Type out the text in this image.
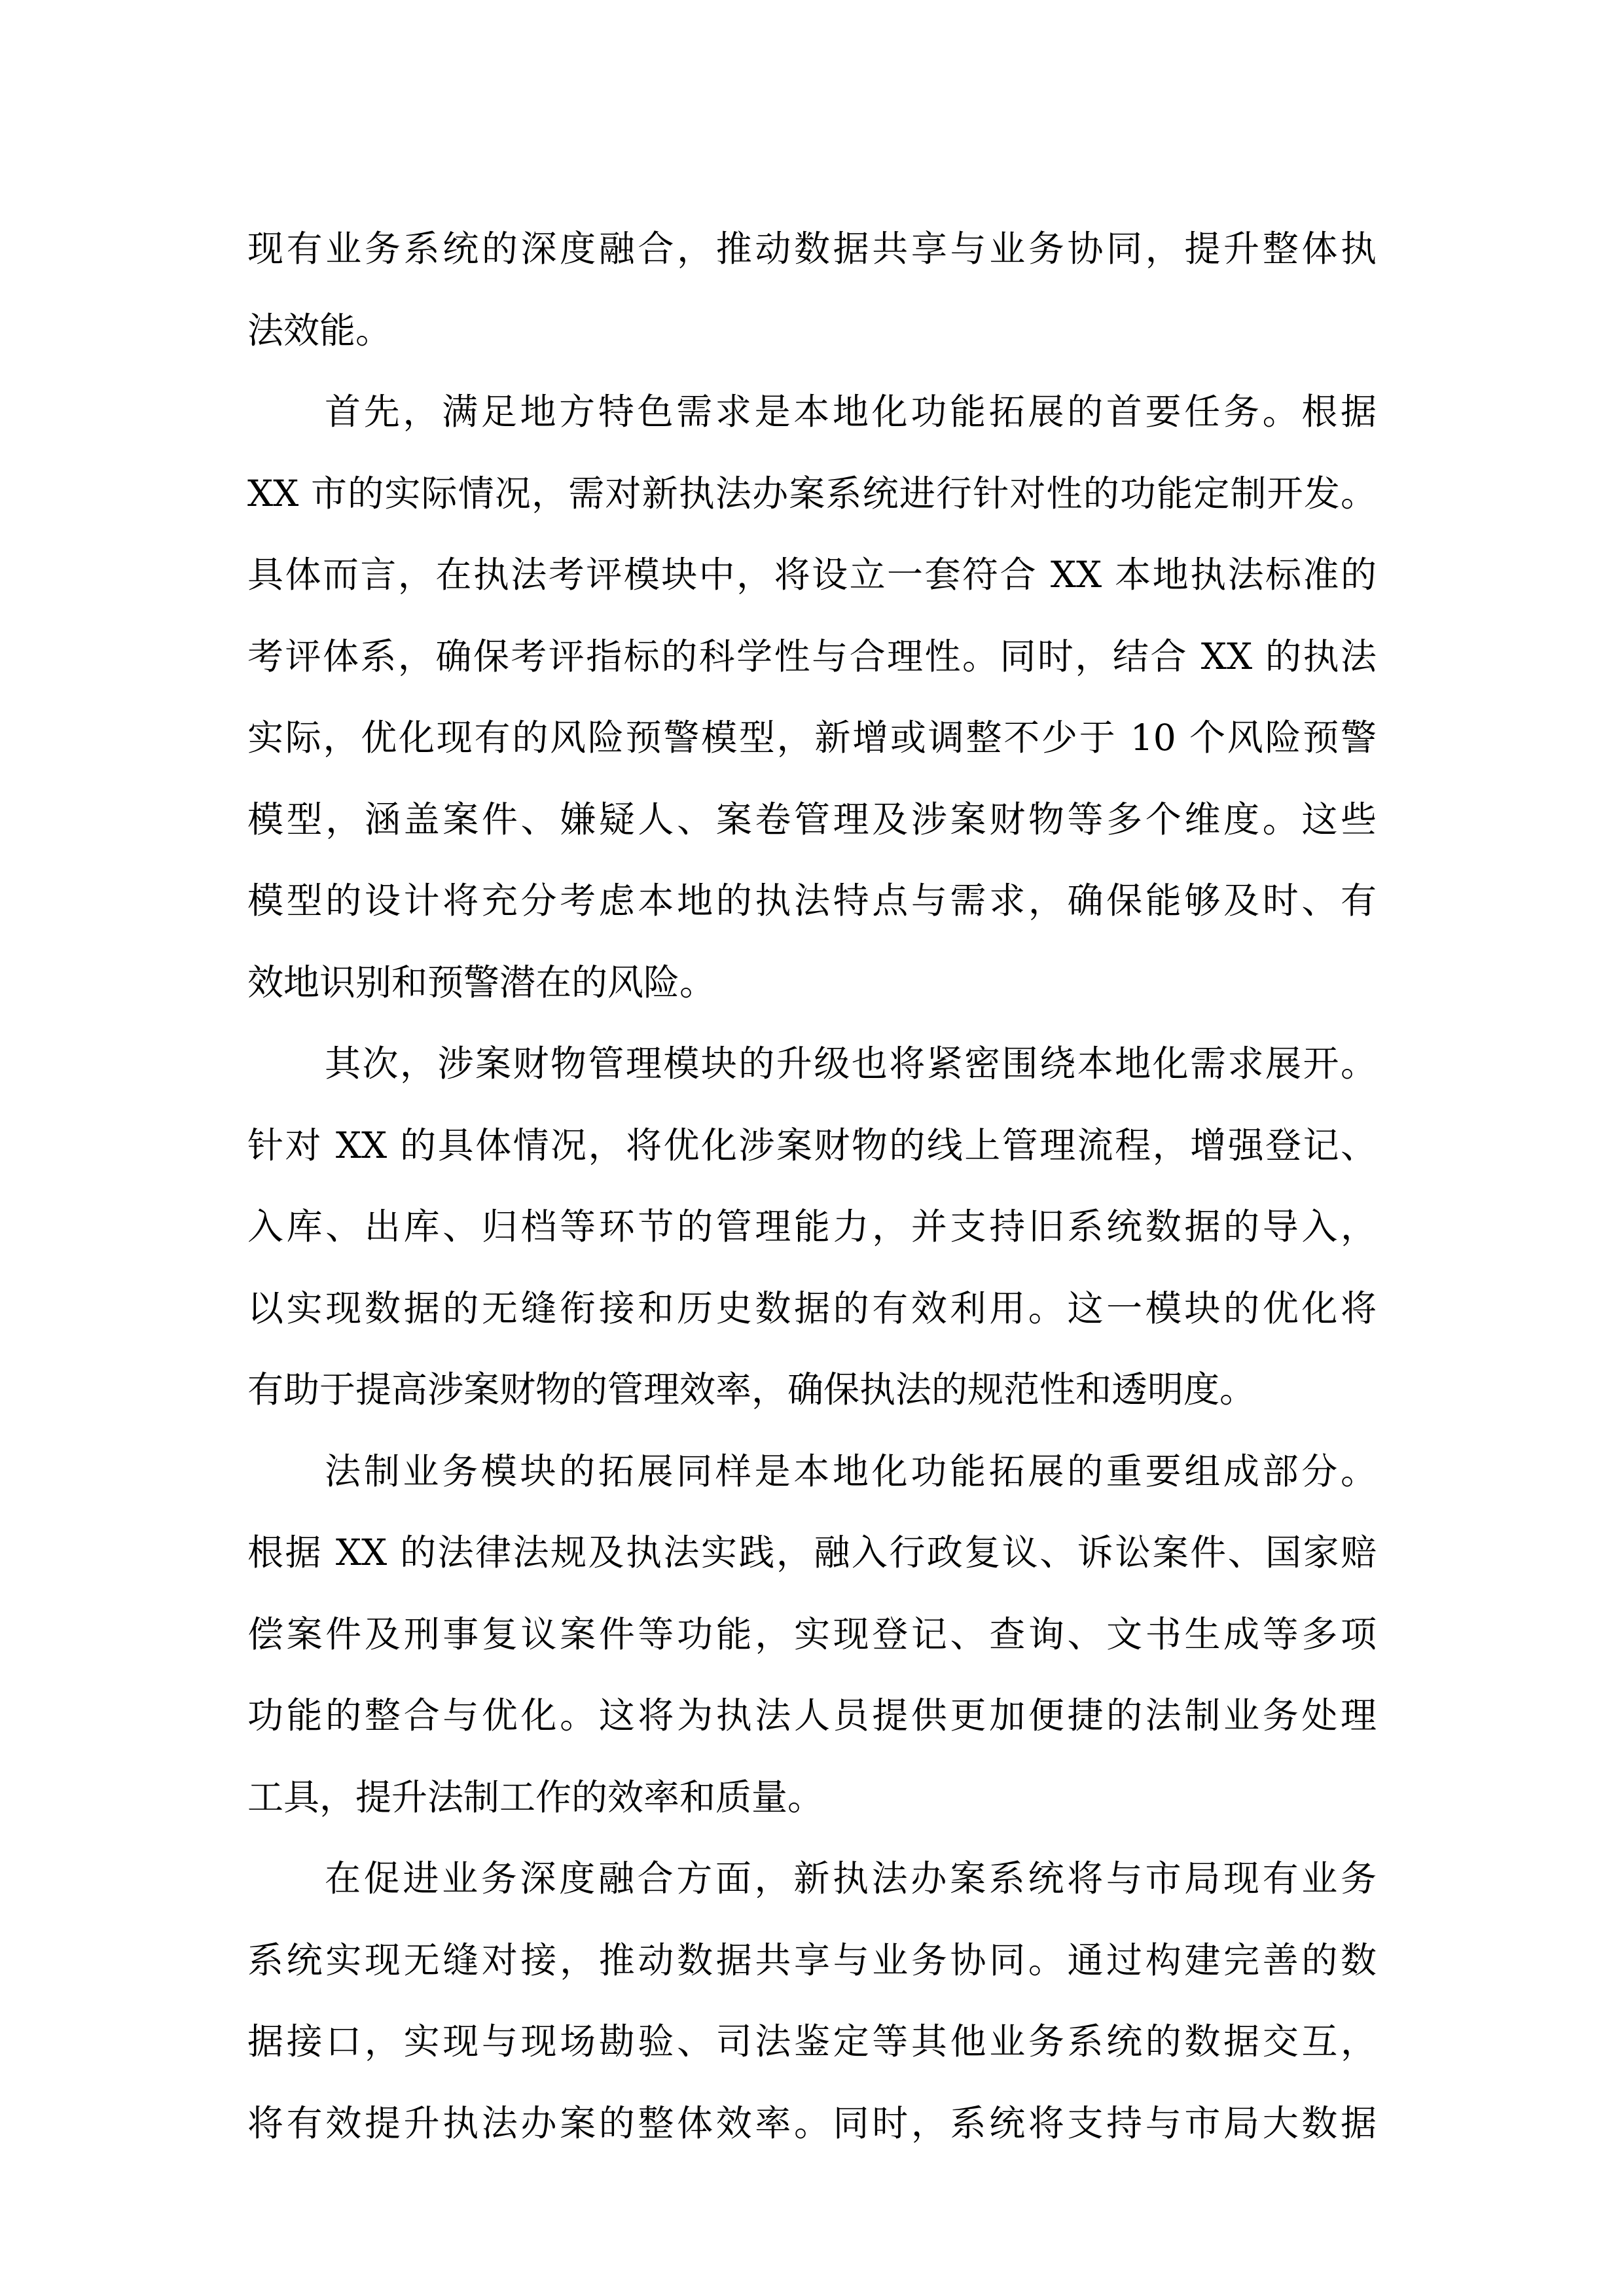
现有业务系统的深度融合，推动数据共享与业务协同，提升整体执
法效能。
首先，满足地方特色需求是本地化功能拓展的首要任务。根据
XX 市的实际情况，需对新执法办案系统进行针对性的功能定制开发。
具体而言，在执法考评模块中，将设立一套符合 XX 本地执法标准的
考评体系，确保考评指标的科学性与合理性。同时，结合 XX 的执法
实际，优化现有的风险预警模型，新增或调整不少于 10 个风险预警
模型，涵盖案件、嫌疑人、案卷管理及涉案财物等多个维度。这些
模型的设计将充分考虑本地的执法特点与需求，确保能够及时、有
效地识别和预警潜在的风险。
其次，涉案财物管理模块的升级也将紧密围绕本地化需求展开。
针对 XX 的具体情况，将优化涉案财物的线上管理流程，增强登记、
入库、出库、归档等环节的管理能力，并支持旧系统数据的导入，
以实现数据的无缝衔接和历史数据的有效利用。这一模块的优化将
有助于提高涉案财物的管理效率，确保执法的规范性和透明度。
法制业务模块的拓展同样是本地化功能拓展的重要组成部分。
根据 XX 的法律法规及执法实践，融入行政复议、诉讼案件、国家赔
偿案件及刑事复议案件等功能，实现登记、查询、文书生成等多项
功能的整合与优化。这将为执法人员提供更加便捷的法制业务处理
工具，提升法制工作的效率和质量。
在促进业务深度融合方面，新执法办案系统将与市局现有业务
系统实现无缝对接，推动数据共享与业务协同。通过构建完善的数
据接口，实现与现场勘验、司法鉴定等其他业务系统的数据交互，
将有效提升执法办案的整体效率。同时，系统将支持与市局大数据
